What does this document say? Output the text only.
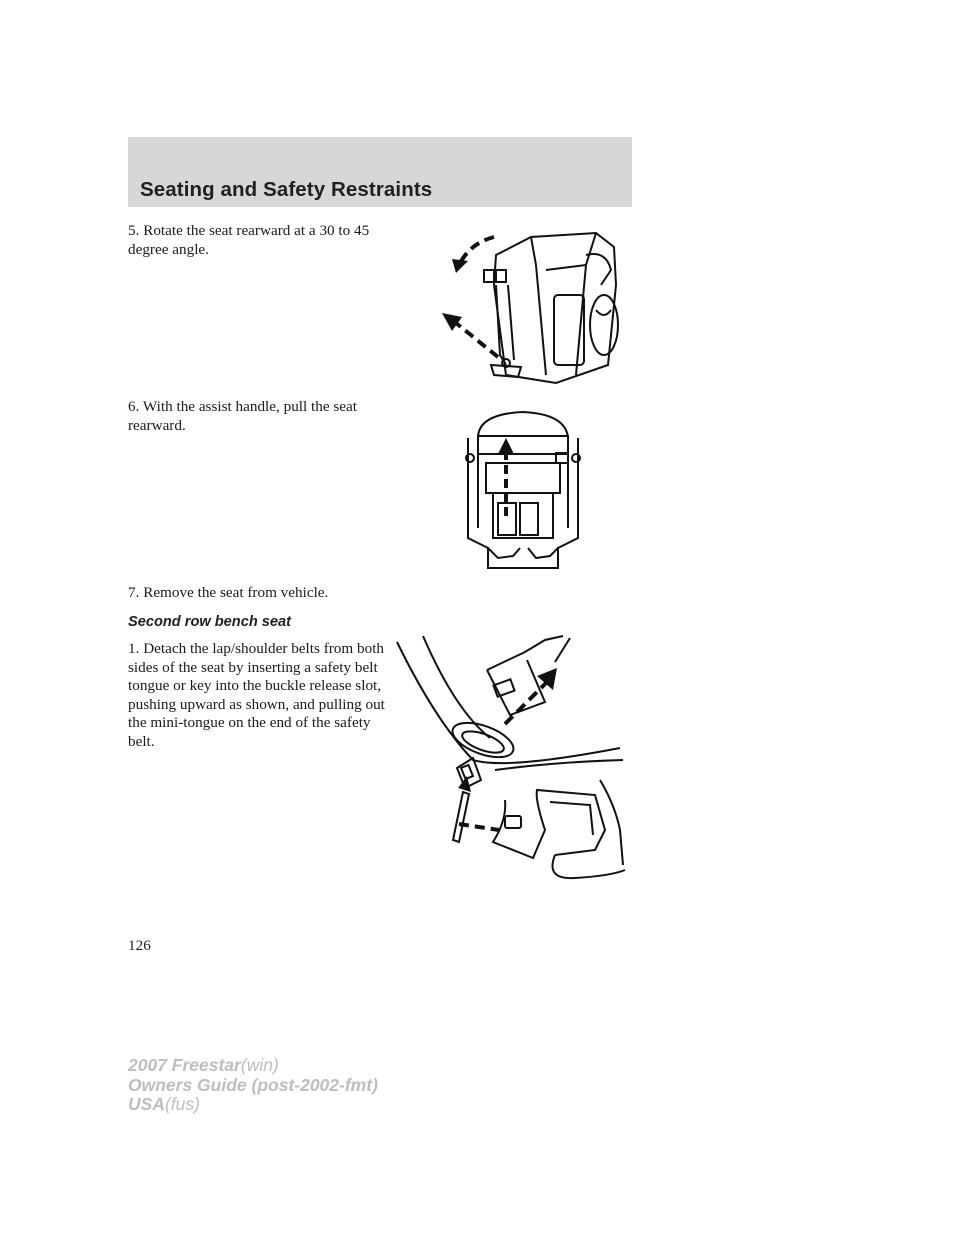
Seating and Safety Restraints

5. Rotate the seat rearward at a 30 to 45 degree angle.

6. With the assist handle, pull the seat rearward.

7. Remove the seat from vehicle.

Second row bench seat

1. Detach the lap/shoulder belts from both sides of the seat by inserting a safety belt tongue or key into the buckle release slot, pushing upward as shown, and pulling out the mini-tongue on the end of the safety belt.

126
2007 Freestar(win)
Owners Guide (post-2002-fmt)
USA(fus)
